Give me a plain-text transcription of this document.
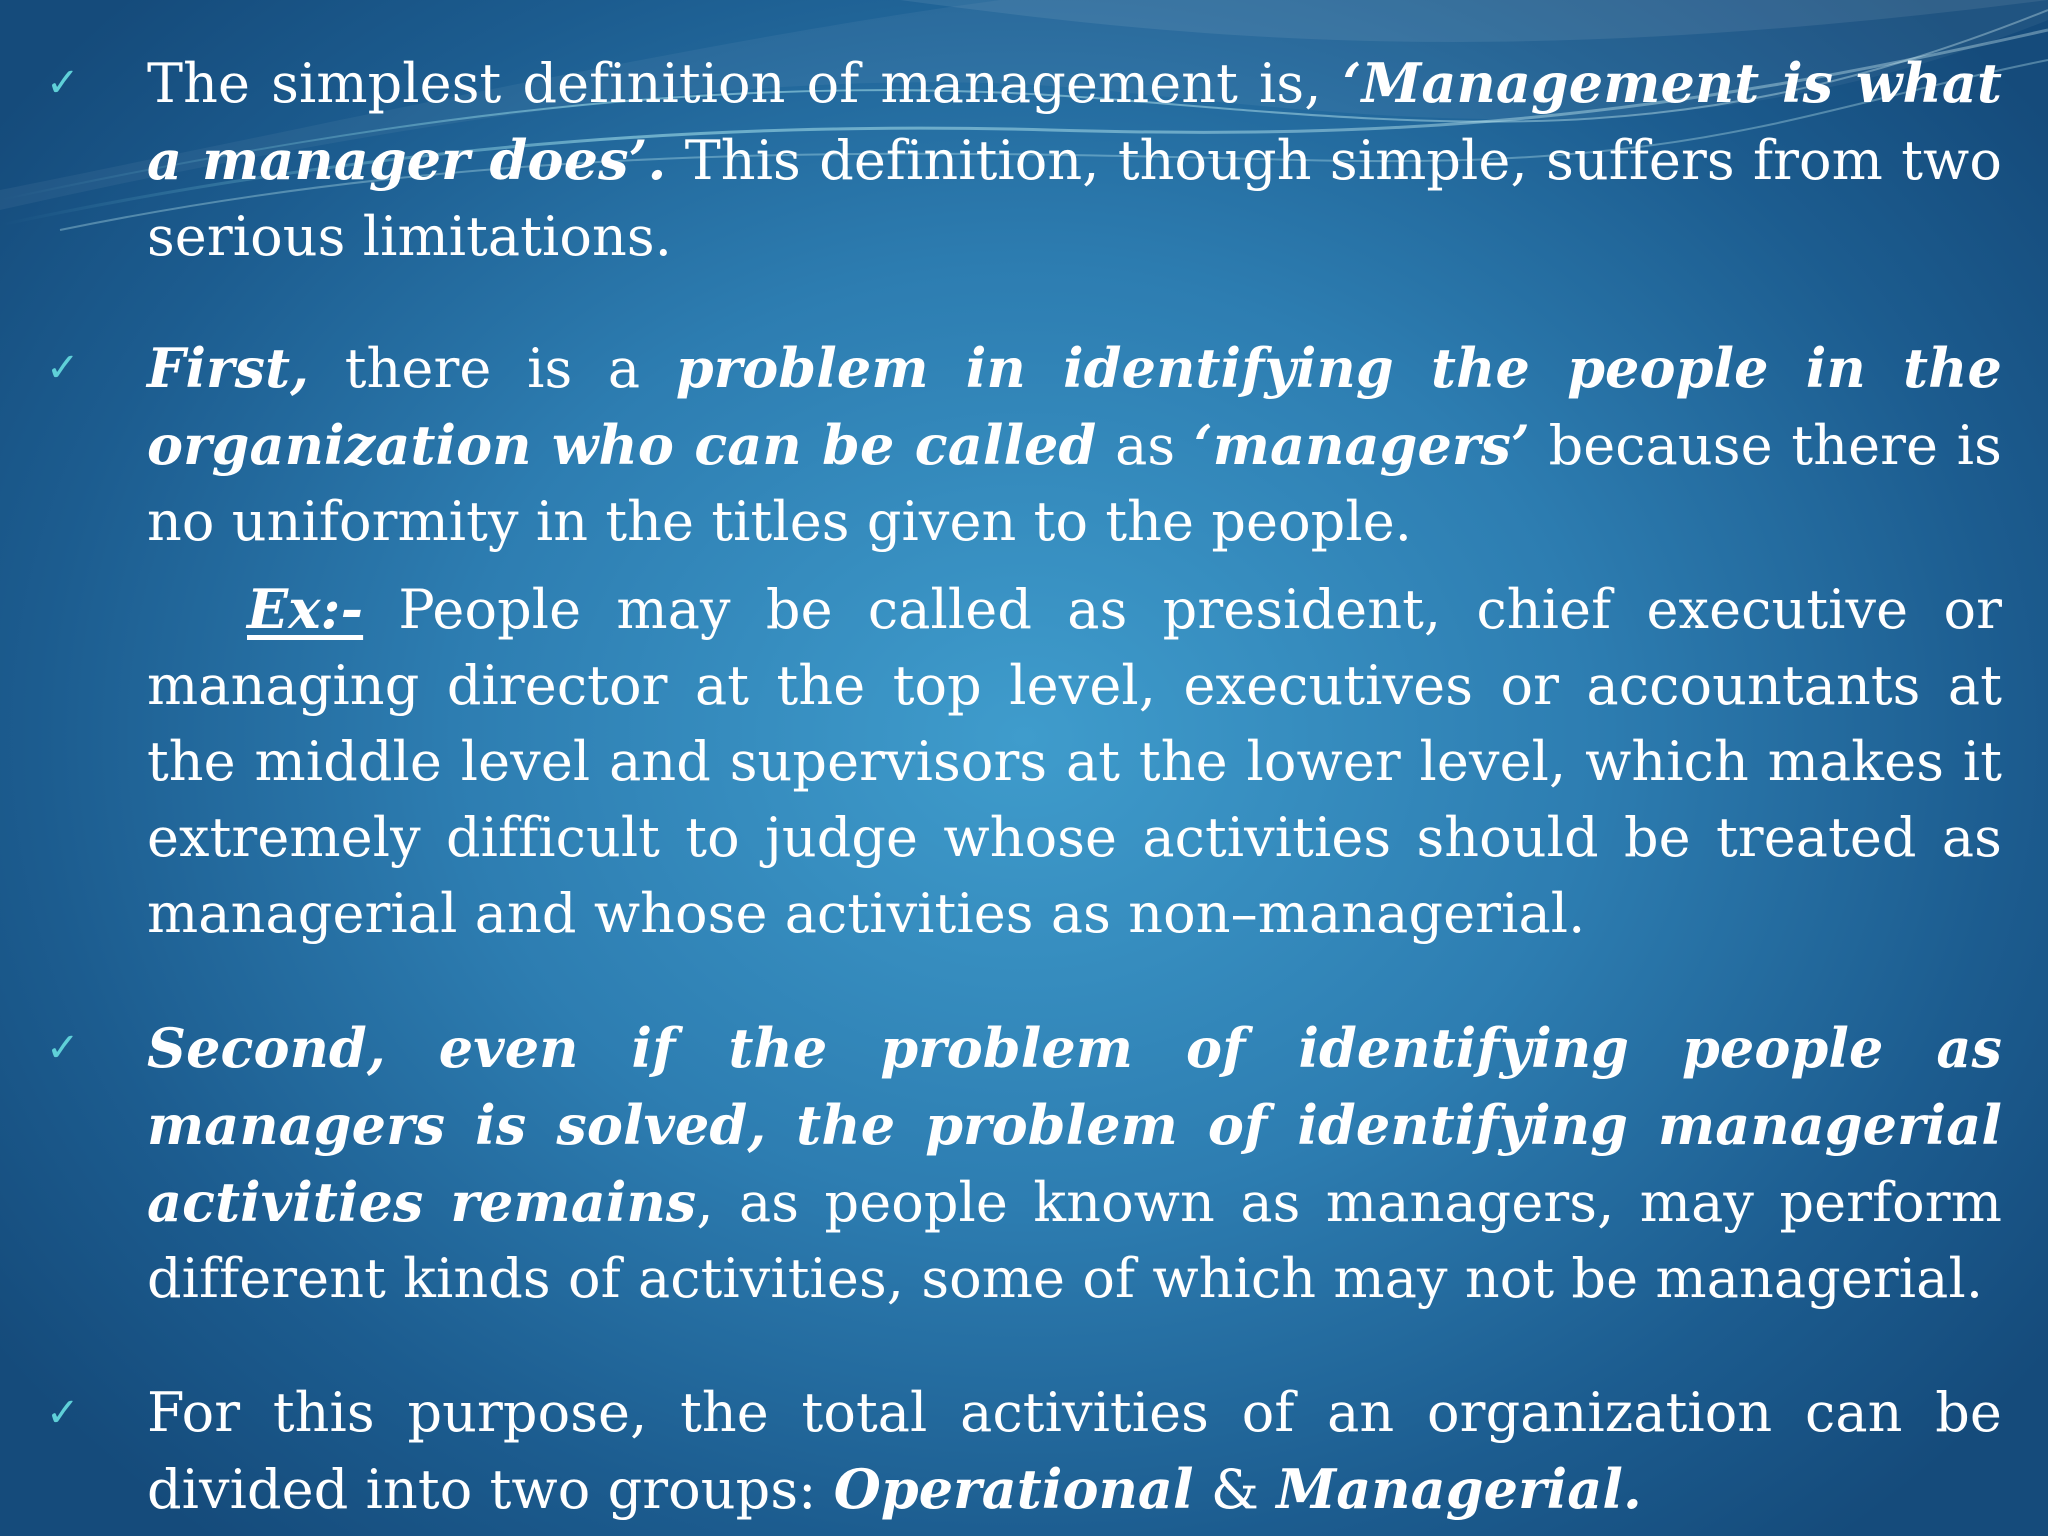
✓ The simplest definition of management is, ‘Management is what a manager does’. This definition, though simple, suffers from two serious limitations.
✓ First, there is a problem in identifying the people in the organization who can be called as ‘managers’ because there is no uniformity in the titles given to the people.
Ex:- People may be called as president, chief executive or managing director at the top level, executives or accountants at the middle level and supervisors at the lower level, which makes it extremely difficult to judge whose activities should be treated as managerial and whose activities as non–managerial.
✓ Second, even if the problem of identifying people as managers is solved, the problem of identifying managerial activities remains, as people known as managers, may perform different kinds of activities, some of which may not be managerial.
✓ For this purpose, the total activities of an organization can be divided into two groups: Operational & Managerial.
